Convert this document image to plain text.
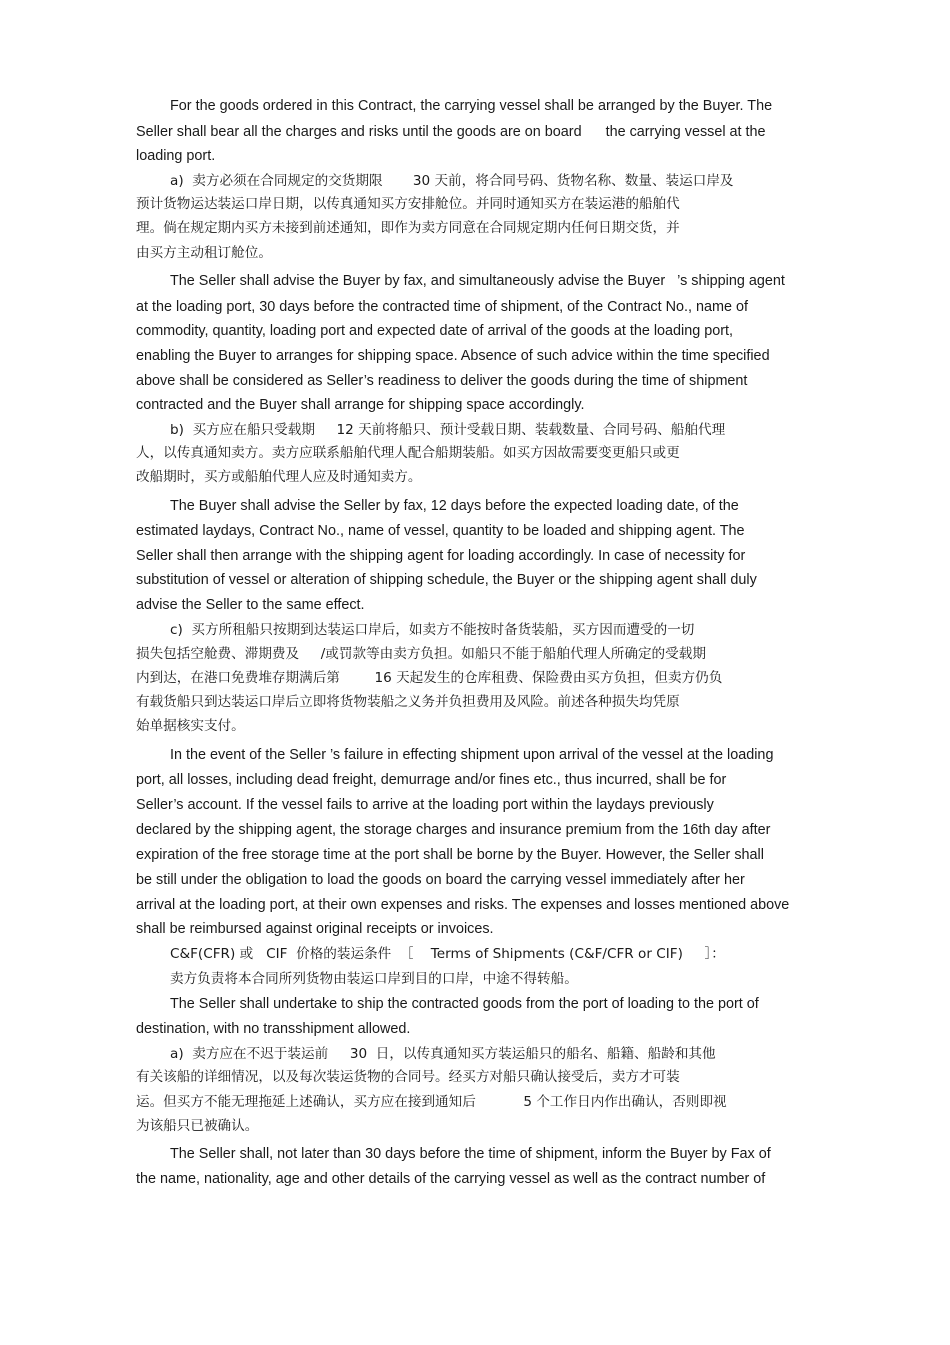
For the goods ordered in this Contract, the carrying vessel shall be arranged by the Buyer. The
Seller shall bear all the charges and risks until the goods are on board      the carrying vessel at the
loading port.
a)  卖方必须在合同规定的交货期限       30 天前，将合同号码、货物名称、数量、装运口岸及
预计货物运达装运口岸日期，以传真通知买方安排舱位。并同时通知买方在装运港的船舶代
理。倘在规定期内买方未接到前述通知，即作为卖方同意在合同规定期内任何日期交货，并
由买方主动租订舱位。
The Seller shall advise the Buyer by fax, and simultaneously advise the Buyer   ’s shipping agent
at the loading port, 30 days before the contracted time of shipment, of the Contract No., name of
commodity, quantity, loading port and expected date of arrival of the goods at the loading port,
enabling the Buyer to arranges for shipping space. Absence of such advice within the time specified
above shall be considered as Seller’s readiness to deliver the goods during the time of shipment
contracted and the Buyer shall arrange for shipping space accordingly.
b)  买方应在船只受载期     12 天前将船只、预计受载日期、装载数量、合同号码、船舶代理
人，以传真通知卖方。卖方应联系船舶代理人配合船期装船。如买方因故需要变更船只或更
改船期时，买方或船舶代理人应及时通知卖方。
The Buyer shall advise the Seller by fax, 12 days before the expected loading date, of the
estimated laydays, Contract No., name of vessel, quantity to be loaded and shipping agent. The
Seller shall then arrange with the shipping agent for loading accordingly. In case of necessity for
substitution of vessel or alteration of shipping schedule, the Buyer or the shipping agent shall duly
advise the Seller to the same effect.
c)  买方所租船只按期到达装运口岸后，如卖方不能按时备货装船，买方因而遭受的一切
损失包括空舱费、滞期费及     /或罚款等由卖方负担。如船只不能于船舶代理人所确定的受载期
内到达，在港口免费堆存期满后第        16 天起发生的仓库租费、保险费由买方负担，但卖方仍负
有载货船只到达装运口岸后立即将货物装船之义务并负担费用及风险。前述各种损失均凭原
始单据核实支付。
In the event of the Seller ’s failure in effecting shipment upon arrival of the vessel at the loading
port, all losses, including dead freight, demurrage and/or fines etc., thus incurred, shall be for
Seller’s account. If the vessel fails to arrive at the loading port within the laydays previously
declared by the shipping agent, the storage charges and insurance premium from the 16th day after
expiration of the free storage time at the port shall be borne by the Buyer. However, the Seller shall
be still under the obligation to load the goods on board the carrying vessel immediately after her
arrival at the loading port, at their own expenses and risks. The expenses and losses mentioned above
shall be reimbursed against original receipts or invoices.
C&F(CFR) 或   CIF  价格的装运条件  ［    Terms of Shipments (C&F/CFR or CIF)     ］：
卖方负责将本合同所列货物由装运口岸到目的口岸，中途不得转船。
The Seller shall undertake to ship the contracted goods from the port of loading to the port of
destination, with no transshipment allowed.
a)  卖方应在不迟于装运前     30  日，以传真通知买方装运船只的船名、船籍、船龄和其他
有关该船的详细情况，以及每次装运货物的合同号。经买方对船只确认接受后，卖方才可装
运。但买方不能无理拖延上述确认，买方应在接到通知后           5 个工作日内作出确认，否则即视
为该船只已被确认。
The Seller shall, not later than 30 days before the time of shipment, inform the Buyer by Fax of
the name, nationality, age and other details of the carrying vessel as well as the contract number of
